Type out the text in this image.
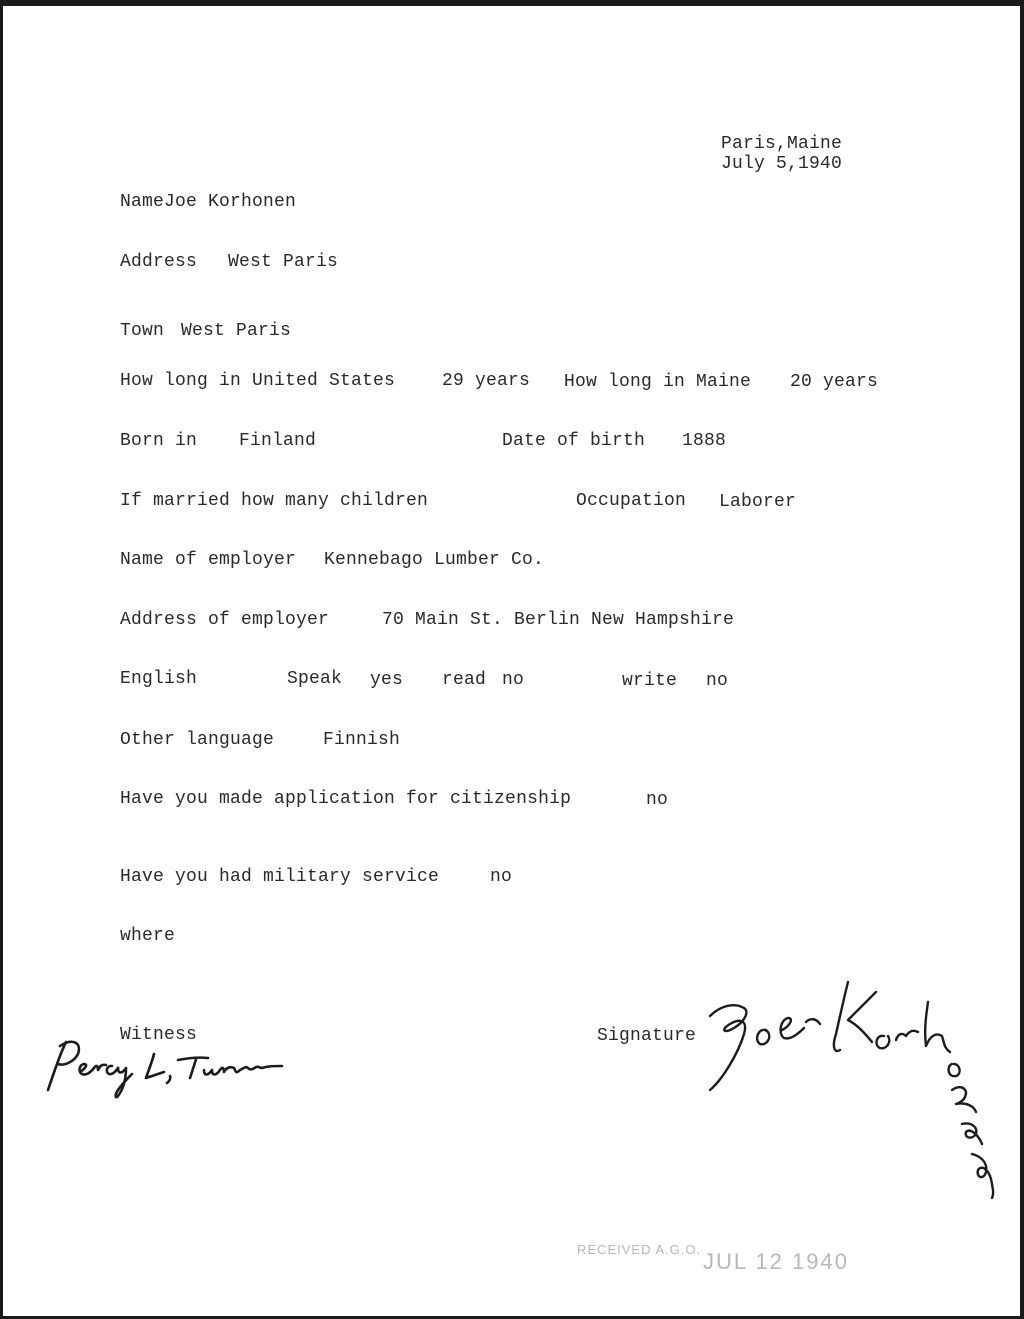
Paris,Maine
July 5,1940
NameJoe Korhonen
Address West Paris
Town West Paris
How long in United States	29 years How long in Maine 20 years
Born in Finland	Date of birth 1888
If married how many children	Occupation Laborer
Name of employer Kennebago Lumber Co.
Address of employer	70 Main St. Berlin New Hampshire
English	Speak yes read no	write no
Other language	Finnish
Have you made application for citizenship	no
Have you had military service	no
where
Witness	Signature
RECEIVED A.G.O. JUL 12 1940
